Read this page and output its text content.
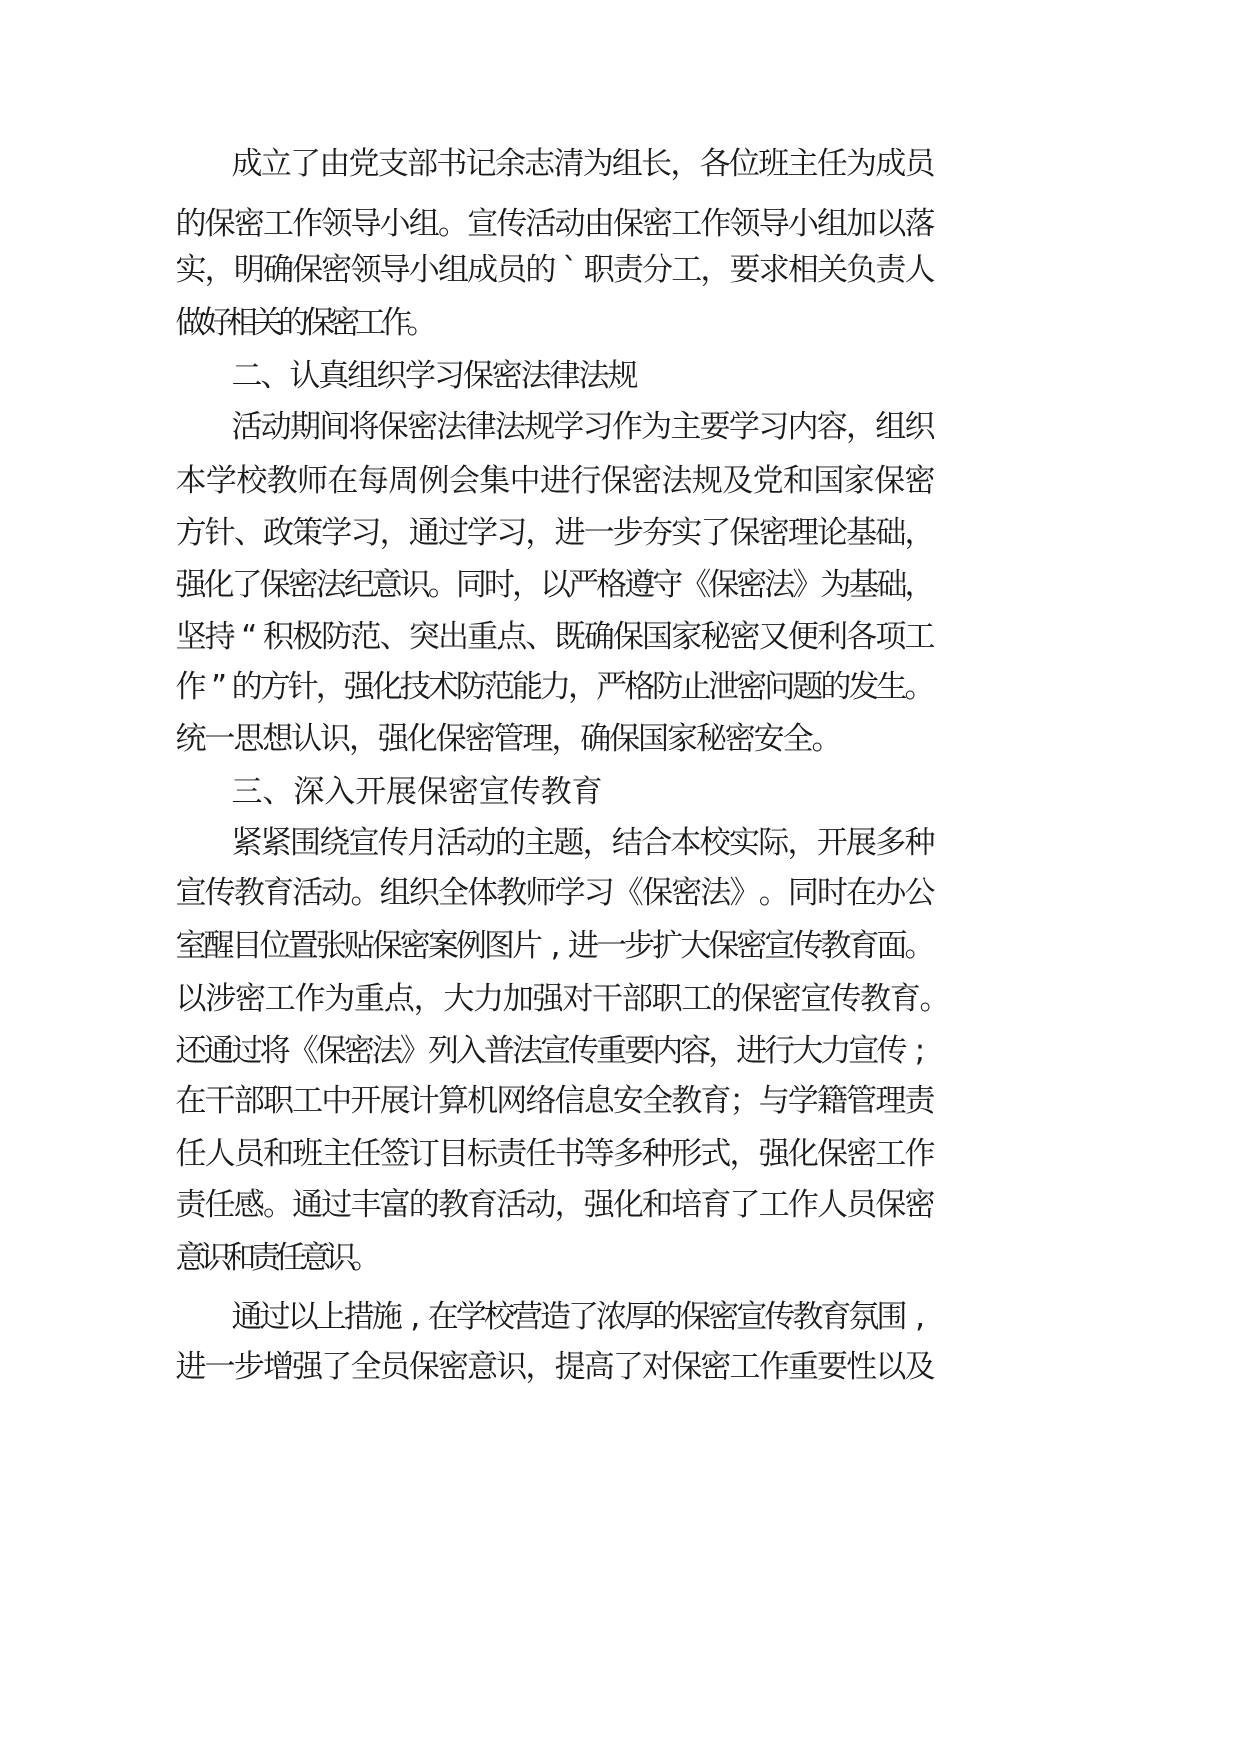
成
立
了
由
党
支
部
书
记
余
志
清
为
组
长
，
各
位
班
主
任
为
成
员
的
保
密
工
作
领
导
小
组
。
宣
传
活
动
由
保
密
工
作
领
导
小
组
加
以
落
实
，
明
确
保
密
领
导
小
组
成
员
的 ` 职
责
分
工
，
要
求
相
关
负
责
人
做
好
相
关
的
保
密
工
作
。
二
、
认
真
组
织
学
习
保
密
法
律
法
规
活
动
期
间
将
保
密
法
律
法
规
学
习
作
为
主
要
学
习
内
容
，
组
织
本 学 校 教 师 在 每 周 例 会 集 中 进 行 保 密 法 规 及 党 和 国 家 保 密
方
针
、
政
策
学
习
，
通
过
学
习
，
进
一
步
夯
实
了
保
密
理
论
基
础
，
强
化
了
保
密
法
纪
意
识
。
同
时
，
以
严
格
遵
守
《
保
密
法
》
为
基
础
，
坚
持 “ 积
极
防
范
、
突
出
重
点
、
既
确
保
国
家
秘
密
又
便
利
各
项
工
作 ” 的
方
针
，
强
化
技
术
防
范
能
力
，
严
格
防
止
泄
密
问
题
的
发
生
。
统
一
思
想
认
识
，
强
化
保
密
管
理
，
确
保
国
家
秘
密
安
全
。
三 、 深 入 开 展 保 密 宣 传 教 育
紧
紧
围
绕
宣
传
月
活
动
的
主
题
，
结
合
本
校
实
际
，
开
展
多
种
宣
传
教
育
活
动
。
组
织
全
体
教
师
学
习
《
保
密
法
》
。
同
时
在
办
公
室
醒
目
位
置
张
贴
保
密
案
例
图
片 , 进
一
步
扩
大
保
密
宣
传
教
育
面
。
以
涉
密
工
作
为
重
点
，
大
力
加
强
对
干
部
职
工
的
保
密
宣
传
教
育
。
还
通
过
将
《
保
密
法
》
列
入
普
法
宣
传
重
要
内
容
，
进
行
大
力
宣
传 ;
在
干
部
职
工
中
开
展
计
算
机
网
络
信
息
安
全
教
育
；
与
学
籍
管
理
责
任
人
员
和
班
主
任
签
订
目
标
责
任
书
等
多
种
形
式
，
强
化
保
密
工
作
责
任
感
。
通
过
丰
富
的
教
育
活
动
，
强
化
和
培
育
了
工
作
人
员
保
密
意
识
和
责
任
意
识
。
通
过
以
上
措
施 , 在
学
校
营
造
了
浓
厚
的
保
密
宣
传
教
育
氛
围 ,
进
一
步
增
强
了
全
员
保
密
意
识
，
提
高
了
对
保
密
工
作
重
要
性
以
及
